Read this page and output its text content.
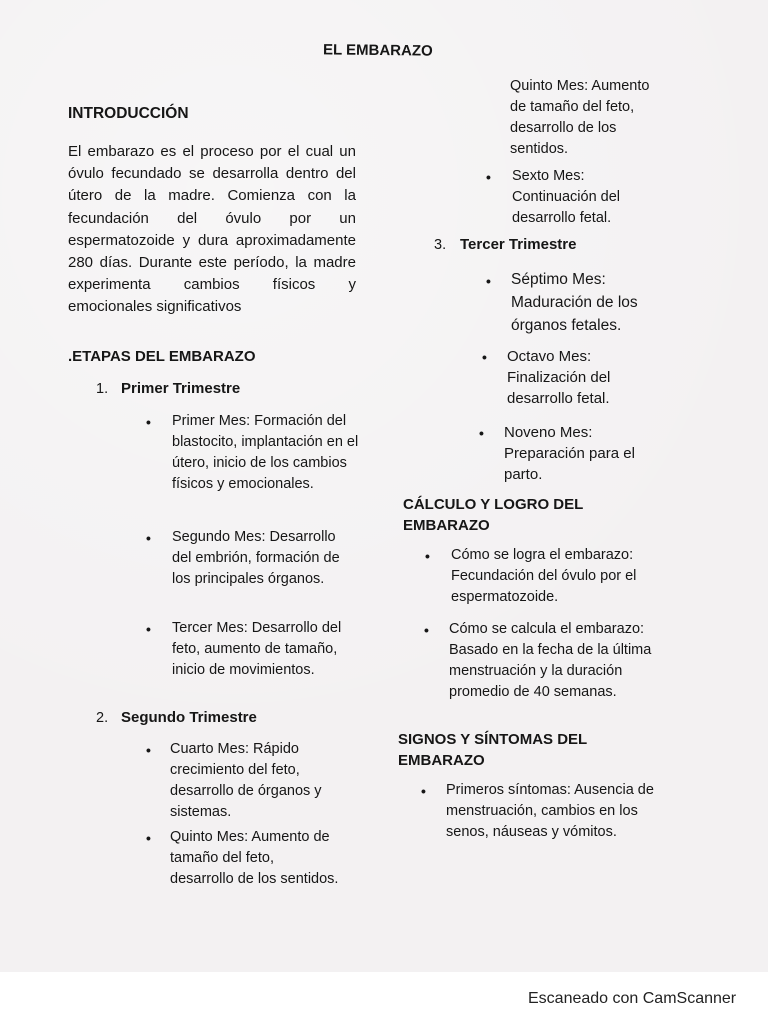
EL EMBARAZO
INTRODUCCIÓN
El embarazo es el proceso por el cual un óvulo fecundado se desarrolla dentro del útero de la madre. Comienza con la fecundación del óvulo por un espermatozoide y dura aproximadamente 280 días. Durante este período, la madre experimenta cambios físicos y emocionales significativos
.ETAPAS DEL EMBARAZO
1. Primer Trimestre
• Primer Mes: Formación del blastocito, implantación en el útero, inicio de los cambios físicos y emocionales.
• Segundo Mes: Desarrollo del embrión, formación de los principales órganos.
• Tercer Mes: Desarrollo del feto, aumento de tamaño, inicio de movimientos.
2. Segundo Trimestre
• Cuarto Mes: Rápido crecimiento del feto, desarrollo de órganos y sistemas.
• Quinto Mes: Aumento de tamaño del feto, desarrollo de los sentidos.
Quinto Mes: Aumento de tamaño del feto, desarrollo de los sentidos.
• Sexto Mes: Continuación del desarrollo fetal.
3. Tercer Trimestre
• Séptimo Mes: Maduración de los órganos fetales.
• Octavo Mes: Finalización del desarrollo fetal.
• Noveno Mes: Preparación para el parto.
CÁLCULO Y LOGRO DEL EMBARAZO
• Cómo se logra el embarazo: Fecundación del óvulo por el espermatozoide.
• Cómo se calcula el embarazo: Basado en la fecha de la última menstruación y la duración promedio de 40 semanas.
SIGNOS Y SÍNTOMAS DEL EMBARAZO
• Primeros síntomas: Ausencia de menstruación, cambios en los senos, náuseas y vómitos.
Escaneado con CamScanner
